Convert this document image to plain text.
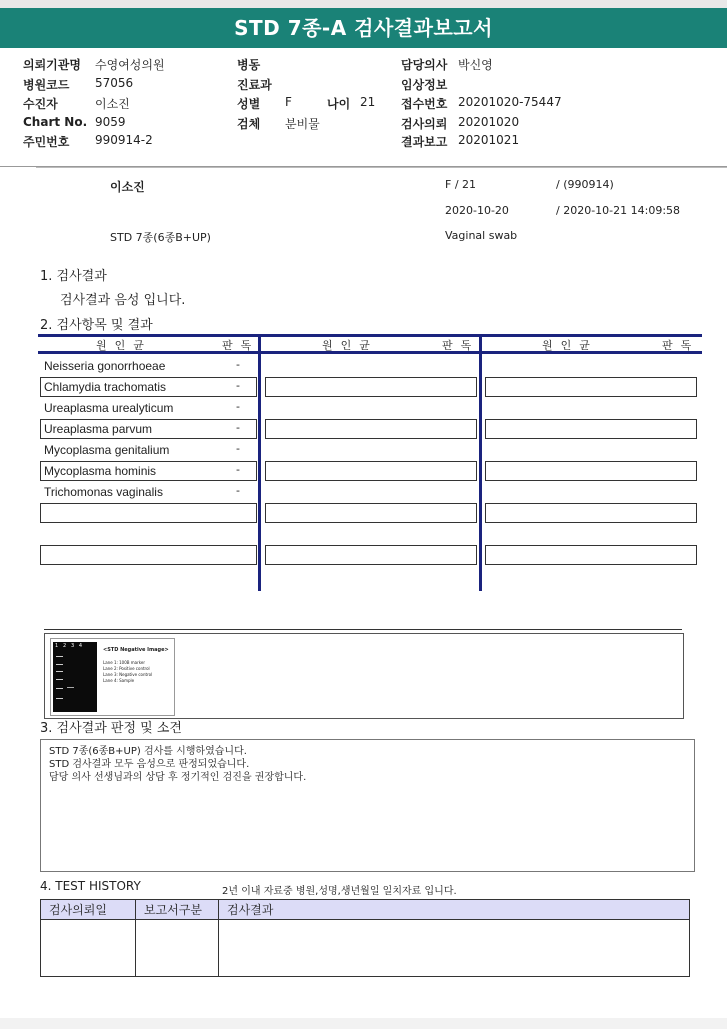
STD 7종-A 검사결과보고서
의뢰기관명 수영여성의원
병원코드 57056
수진자	이소진
Chart No. 9059
주민번호 990914-2
병동
진료과
성별 F	나이 21
검체 분비물
담당의사 박신영
임상정보
접수번호 20201020-75447
검사의뢰 20201020
결과보고 20201021
이소진	F / 21	/ (990914)
2020-10-20	/ 2020-10-21 14:09:58
STD 7종(6종B+UP)	Vaginal swab
1. 검사결과
검사결과 음성 입니다.
2. 검사항목 및 결과
원인균	판독	원인균	판독	원인균	판독
Neisseria gonorrhoeae	-
Chlamydia trachomatis	-
Ureaplasma urealyticum	-
Ureaplasma parvum	-
Mycoplasma genitalium	-
Mycoplasma hominis	-
Trichomonas vaginalis	-
1 2 3 4
<STD Negative Image>
Lane 1: 100B marker
Lane 2: Positive control
Lane 3: Negative control
Lane 4: Sample
3. 검사결과 판정 및 소견
STD 7종(6종B+UP) 검사를 시행하였습니다.
STD 검사결과 모두 음성으로 판정되었습니다.
담당 의사 선생님과의 상담 후 정기적인 검진을 권장합니다.
4. TEST HISTORY	2년 이내 자료중 병원,성명,생년월일 일치자료 입니다.
검사의뢰일	보고서구분	검사결과
